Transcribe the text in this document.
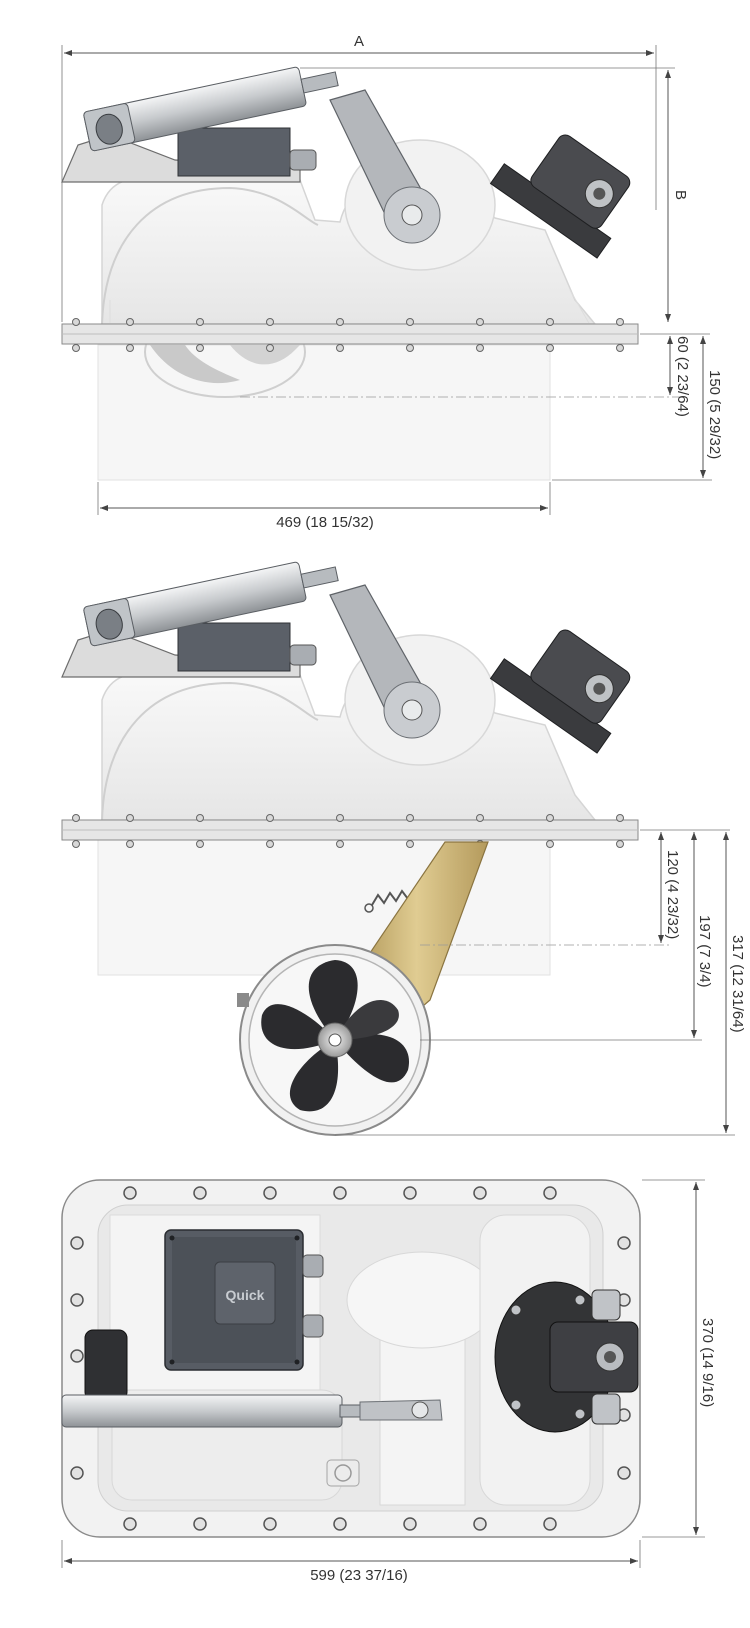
A
B
60 (2 23/64) 150 (5 29/32)
469 (18 15/32)
120 (4 23/32)
197 (7 3/4) 317 (12 31/64)
Quick
370 (14 9/16)
599 (23 37/16)
